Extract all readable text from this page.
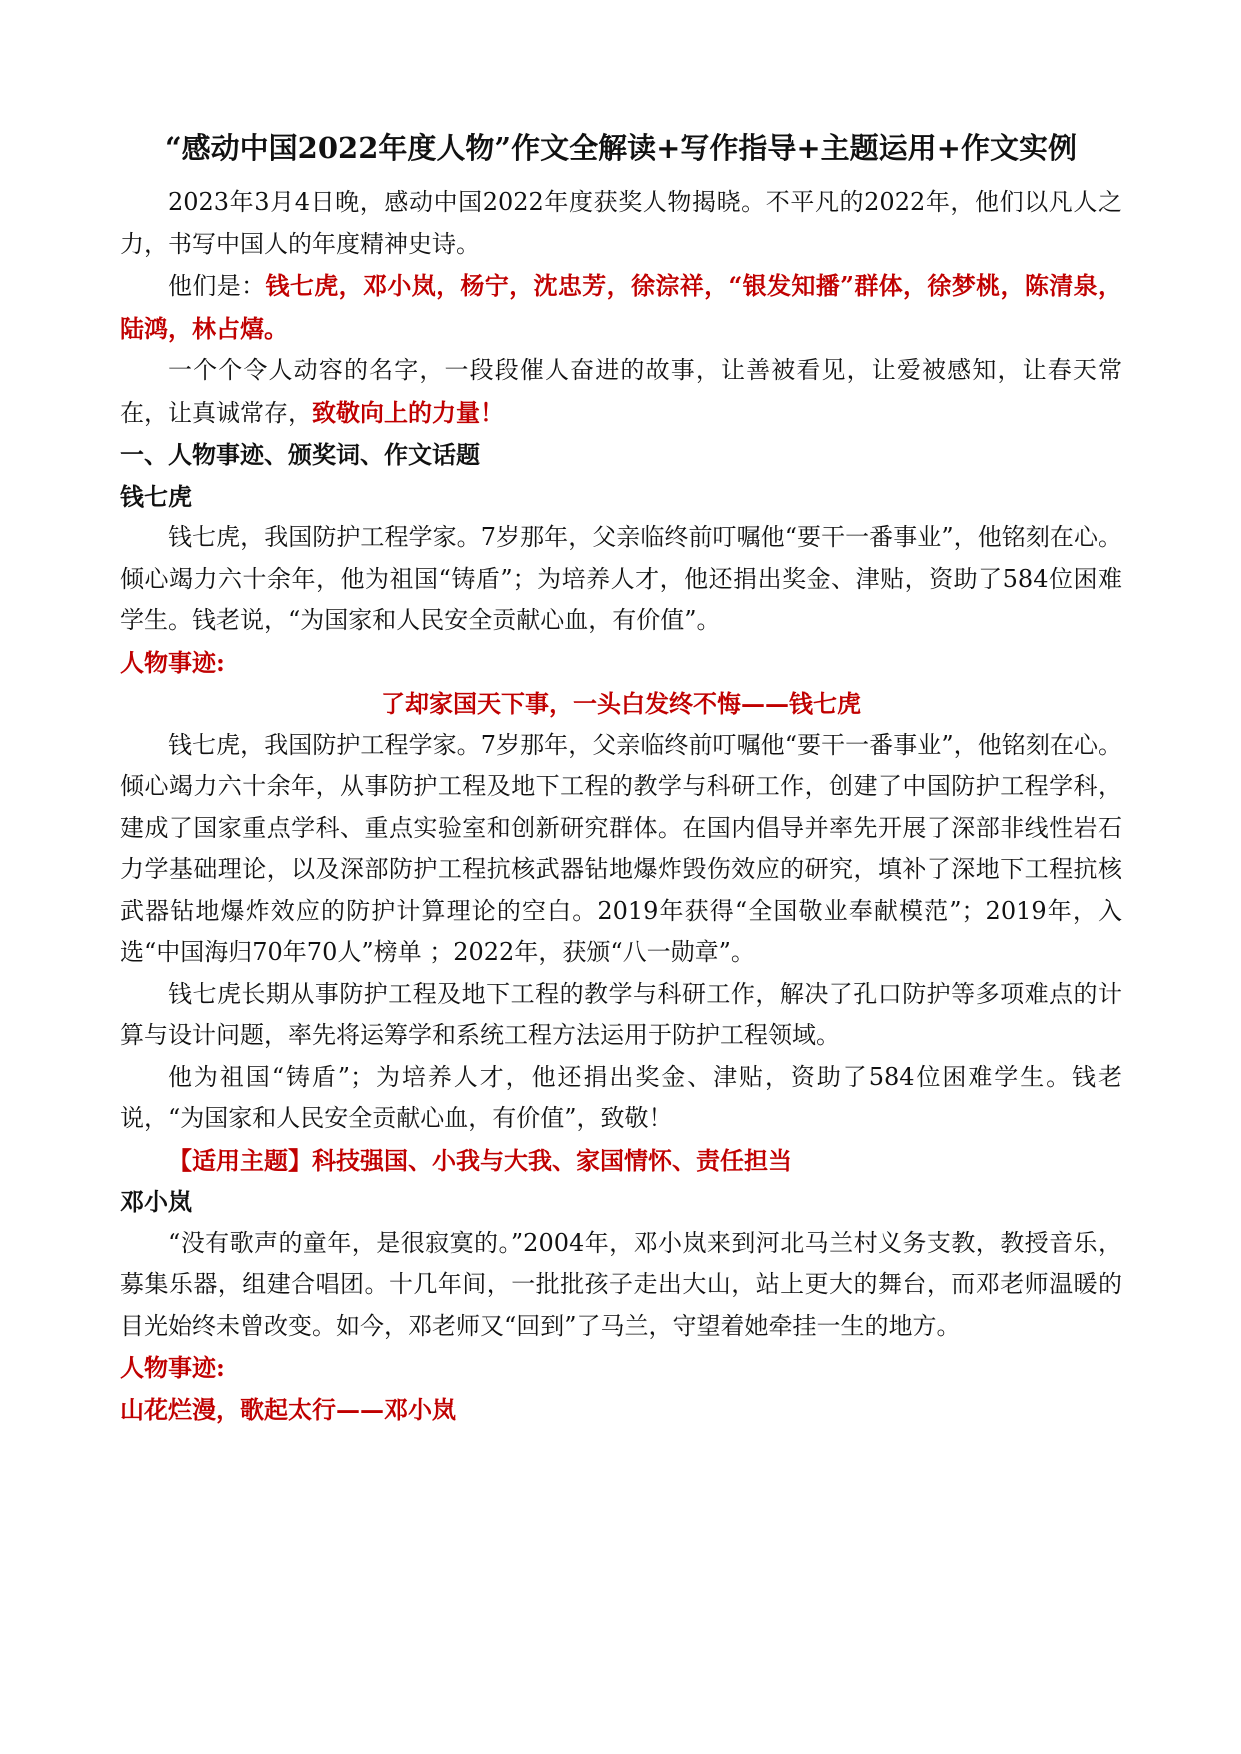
“感动中国2022年度人物”作文全解读+写作指导+主题运用+作文实例

2023年3月4日晚，感动中国2022年度获奖人物揭晓。不平凡的2022年，他们以凡人之力，书写中国人的年度精神史诗。

他们是：钱七虎，邓小岚，杨宁，沈忠芳，徐淙祥，“银发知播”群体，徐梦桃，陈清泉，陆鸿，林占熺。

一个个令人动容的名字，一段段催人奋进的故事，让善被看见，让爱被感知，让春天常在，让真诚常存，致敬向上的力量！

一、人物事迹、颁奖词、作文话题
钱七虎

钱七虎，我国防护工程学家。7岁那年，父亲临终前叮嘱他“要干一番事业”，他铭刻在心。倾心竭力六十余年，他为祖国“铸盾”；为培养人才，他还捐出奖金、津贴，资助了584位困难学生。钱老说，“为国家和人民安全贡献心血，有价值”。

人物事迹:
了却家国天下事，一头白发终不悔——钱七虎

钱七虎，我国防护工程学家。7岁那年，父亲临终前叮嘱他“要干一番事业”，他铭刻在心。倾心竭力六十余年，从事防护工程及地下工程的教学与科研工作，创建了中国防护工程学科，建成了国家重点学科、重点实验室和创新研究群体。在国内倡导并率先开展了深部非线性岩石力学基础理论，以及深部防护工程抗核武器钻地爆炸毁伤效应的研究，填补了深地下工程抗核武器钻地爆炸效应的防护计算理论的空白。2019年获得“全国敬业奉献模范”；2019年，入选“中国海归70年70人”榜单 ；2022年，获颁“八一勋章”。

钱七虎长期从事防护工程及地下工程的教学与科研工作，解决了孔口防护等多项难点的计算与设计问题，率先将运筹学和系统工程方法运用于防护工程领域。

他为祖国“铸盾”；为培养人才，他还捐出奖金、津贴，资助了584位困难学生。钱老说，“为国家和人民安全贡献心血，有价值”，致敬！

【适用主题】科技强国、小我与大我、家国情怀、责任担当
邓小岚

“没有歌声的童年，是很寂寞的。”2004年，邓小岚来到河北马兰村义务支教，教授音乐，募集乐器，组建合唱团。十几年间，一批批孩子走出大山，站上更大的舞台，而邓老师温暖的目光始终未曾改变。如今，邓老师又“回到”了马兰，守望着她牵挂一生的地方。

人物事迹:
山花烂漫，歌起太行——邓小岚
